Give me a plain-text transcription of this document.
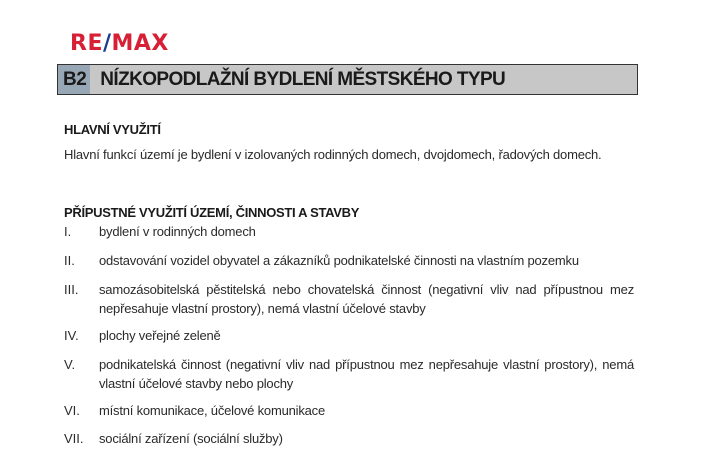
RE/MAX
B2 NÍZKOPODLAŽNÍ BYDLENÍ MĚSTSKÉHO TYPU
HLAVNÍ VYUŽITÍ
Hlavní funkcí území je bydlení v izolovaných rodinných domech, dvojdomech, řadových domech.
PŘÍPUSTNÉ VYUŽITÍ ÚZEMÍ, ČINNOSTI A STAVBY
I.	bydlení v rodinných domech
II.	odstavování vozidel obyvatel a zákazníků podnikatelské činnosti na vlastním pozemku
III.	samozásobitelská pěstitelská nebo chovatelská činnost (negativní vliv nad přípustnou mez nepřesahuje vlastní prostory), nemá vlastní účelové stavby
IV.	plochy veřejné zeleně
V.	podnikatelská činnost (negativní vliv nad přípustnou mez nepřesahuje vlastní prostory), nemá vlastní účelové stavby nebo plochy
VI.	místní komunikace, účelové komunikace
VII.	sociální zařízení (sociální služby)
